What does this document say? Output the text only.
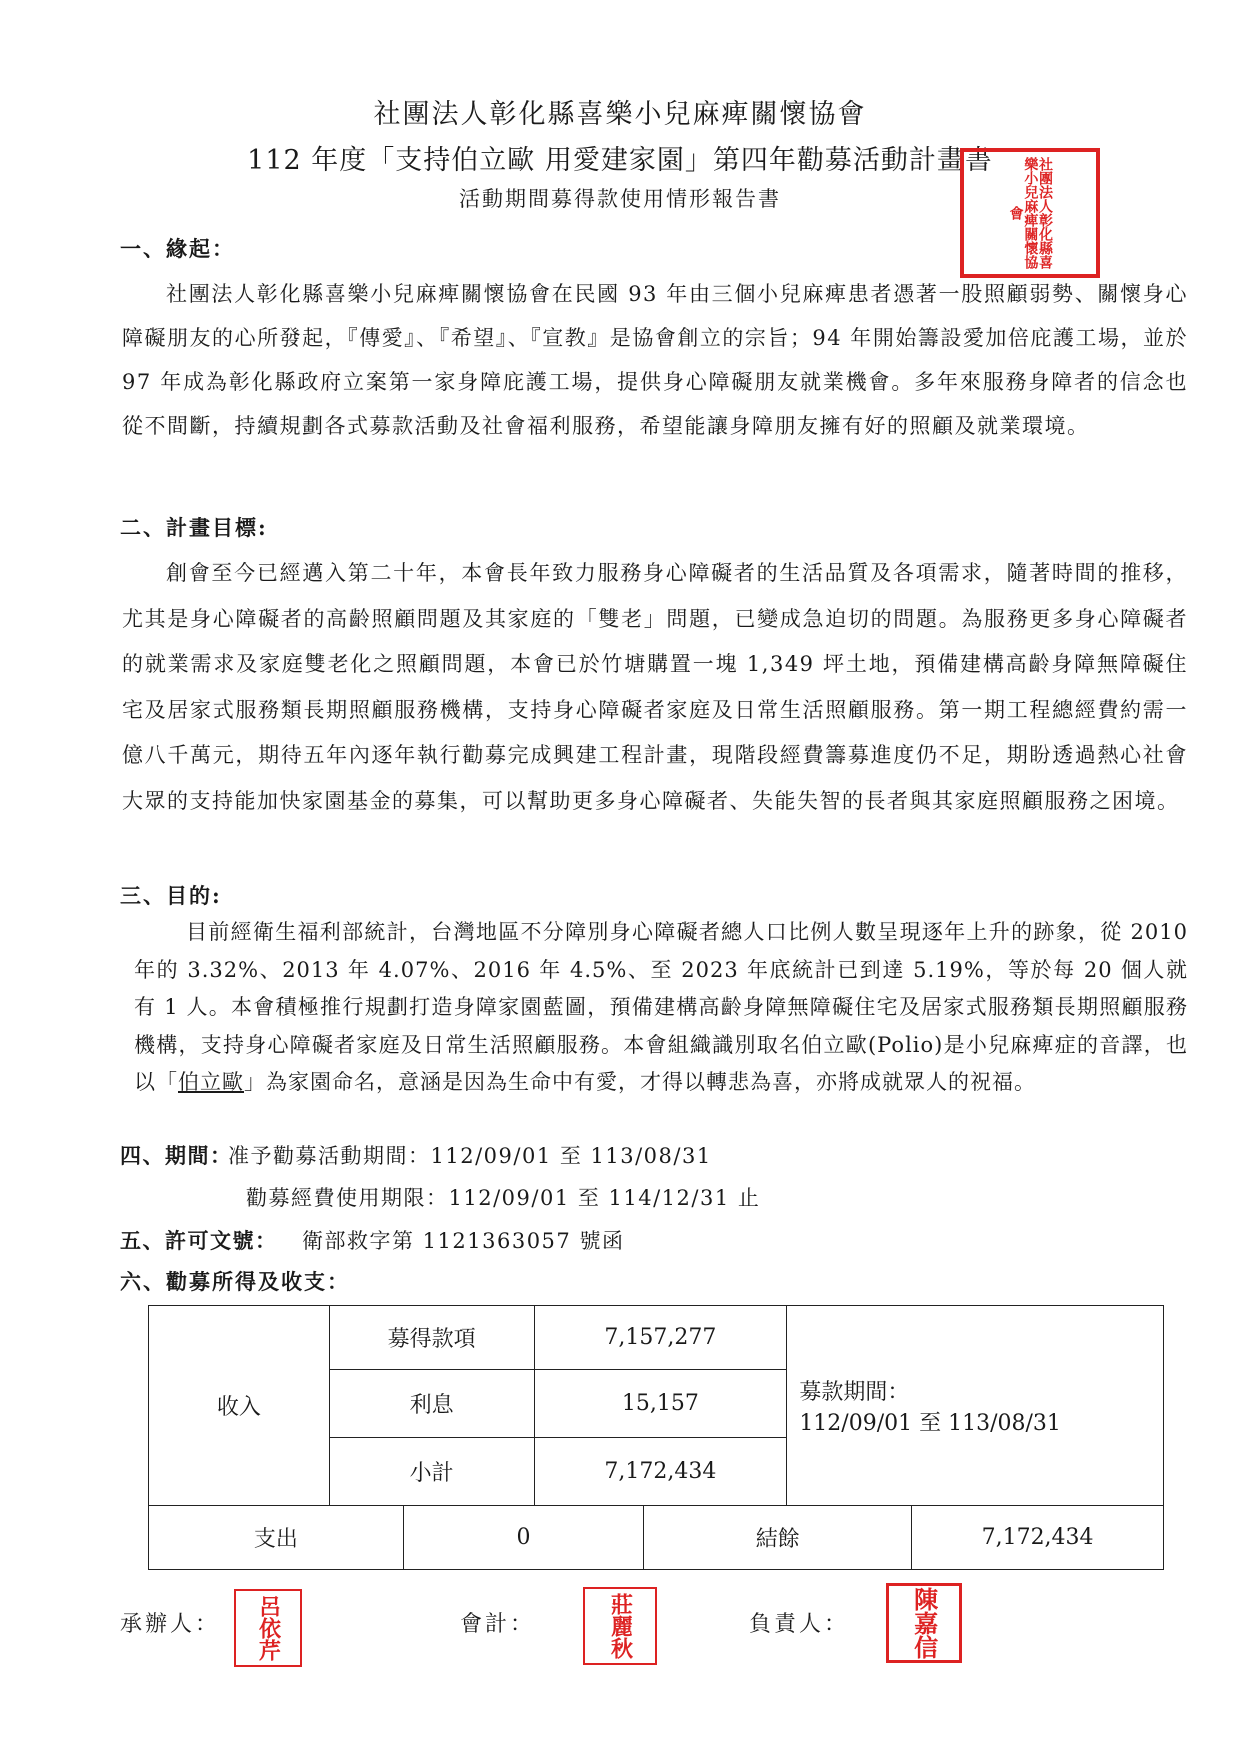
社團法人彰化縣喜樂小兒麻痺關懷協會
112 年度「支持伯立歐 用愛建家園」第四年勸募活動計畫書
活動期間募得款使用情形報告書	社團法人彰化縣喜樂小兒麻痺關懷協會
一、緣起：
社團法人彰化縣喜樂小兒麻痺關懷協會在民國 93 年由三個小兒麻痺患者憑著一股照顧弱勢、關懷身心障礙朋友的心所發起，『傳愛』、『希望』、『宣教』是協會創立的宗旨；94 年開始籌設愛加倍庇護工場，並於 97 年成為彰化縣政府立案第一家身障庇護工場，提供身心障礙朋友就業機會。多年來服務身障者的信念也從不間斷，持續規劃各式募款活動及社會福利服務，希望能讓身障朋友擁有好的照顧及就業環境。
二、計畫目標:
創會至今已經邁入第二十年，本會長年致力服務身心障礙者的生活品質及各項需求，隨著時間的推移，尤其是身心障礙者的高齡照顧問題及其家庭的「雙老」問題，已變成急迫切的問題。為服務更多身心障礙者的就業需求及家庭雙老化之照顧問題，本會已於竹塘購置一塊 1,349 坪土地，預備建構高齡身障無障礙住宅及居家式服務類長期照顧服務機構，支持身心障礙者家庭及日常生活照顧服務。第一期工程總經費約需一億八千萬元，期待五年內逐年執行勸募完成興建工程計畫，現階段經費籌募進度仍不足，期盼透過熱心社會大眾的支持能加快家園基金的募集，可以幫助更多身心障礙者、失能失智的長者與其家庭照顧服務之困境。
三、目的:
目前經衛生福利部統計，台灣地區不分障別身心障礙者總人口比例人數呈現逐年上升的跡象，從 2010 年的 3.32%、2013 年 4.07%、2016 年 4.5%、至 2023 年底統計已到達 5.19%，等於每 20 個人就有 1 人。本會積極推行規劃打造身障家園藍圖，預備建構高齡身障無障礙住宅及居家式服務類長期照顧服務機構，支持身心障礙者家庭及日常生活照顧服務。本會組織識別取名伯立歐(Polio)是小兒麻痺症的音譯，也以「伯立歐」為家園命名，意涵是因為生命中有愛，才得以轉悲為喜，亦將成就眾人的祝福。
四、期間：
准予勸募活動期間：112/09/01 至 113/08/31
勸募經費使用期限：112/09/01 至 114/12/31 止
五、許可文號： 衛部救字第 1121363057 號函
六、勸募所得及收支：
收入	募得款項		7,157,277		募款期間：
112/09/01 至 113/08/31	

	利息		15,157			
	小計		7,172,434			
支出		0		結餘		7,172,434
承辦人： 呂依芹	會計：	莊麗秋	負責人：	陳嘉信
